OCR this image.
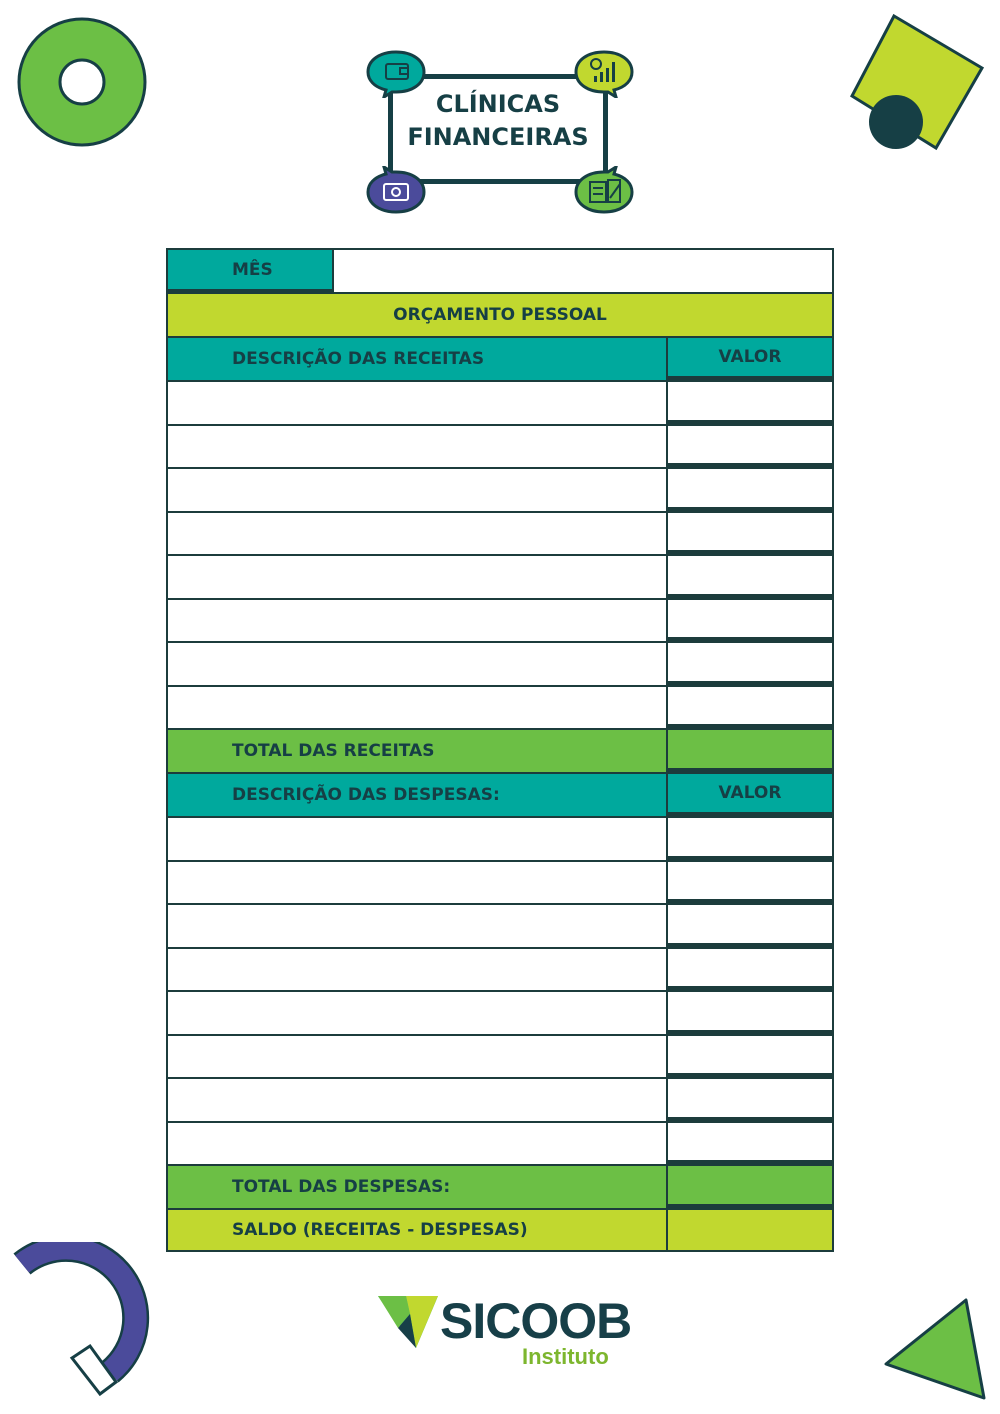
CLÍNICAS
FINANCEIRAS
MÊS
ORÇAMENTO PESSOAL
DESCRIÇÃO DAS RECEITAS	VALOR
TOTAL DAS RECEITAS
DESCRIÇÃO DAS DESPESAS:	VALOR
TOTAL DAS DESPESAS:
SALDO (RECEITAS - DESPESAS)
SICOOB
Instituto
